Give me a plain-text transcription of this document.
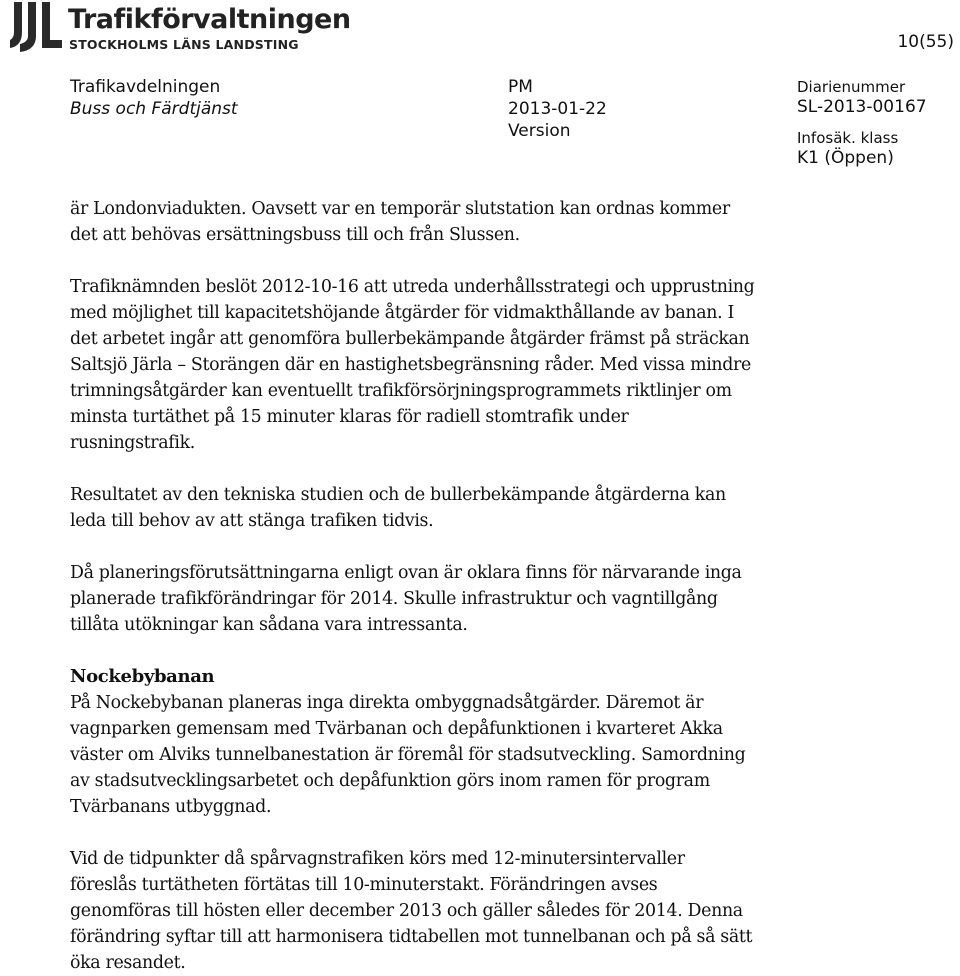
Trafikförvaltningen
STOCKHOLMS LÄNS LANDSTING	10(55)
Trafikavdelningen
Buss och Färdtjänst
PM
2013-01-22
Version
Diarienummer
SL-2013-00167
Infosäk. klass
K1 (Öppen)

är Londonviadukten. Oavsett var en temporär slutstation kan ordnas kommer

det att behövas ersättningsbuss till och från Slussen.

Trafiknämnden beslöt 2012-10-16 att utreda underhållsstrategi och upprustning

med möjlighet till kapacitetshöjande åtgärder för vidmakthållande av banan. I

det arbetet ingår att genomföra bullerbekämpande åtgärder främst på sträckan

Saltsjö Järla – Storängen där en hastighetsbegränsning råder. Med vissa mindre

trimningsåtgärder kan eventuellt trafikförsörjningsprogrammets riktlinjer om

minsta turtäthet på 15 minuter klaras för radiell stomtrafik under

rusningstrafik.

Resultatet av den tekniska studien och de bullerbekämpande åtgärderna kan

leda till behov av att stänga trafiken tidvis.

Då planeringsförutsättningarna enligt ovan är oklara finns för närvarande inga

planerade trafikförändringar för 2014. Skulle infrastruktur och vagntillgång

tillåta utökningar kan sådana vara intressanta.

Nockebybanan

På Nockebybanan planeras inga direkta ombyggnadsåtgärder. Däremot är

vagnparken gemensam med Tvärbanan och depåfunktionen i kvarteret Akka

väster om Alviks tunnelbanestation är föremål för stadsutveckling. Samordning

av stadsutvecklingsarbetet och depåfunktion görs inom ramen för program

Tvärbanans utbyggnad.

Vid de tidpunkter då spårvagnstrafiken körs med 12-minutersintervaller

föreslås turtätheten förtätas till 10-minuterstakt. Förändringen avses

genomföras till hösten eller december 2013 och gäller således för 2014. Denna

förändring syftar till att harmonisera tidtabellen mot tunnelbanan och på så sätt

öka resandet.
